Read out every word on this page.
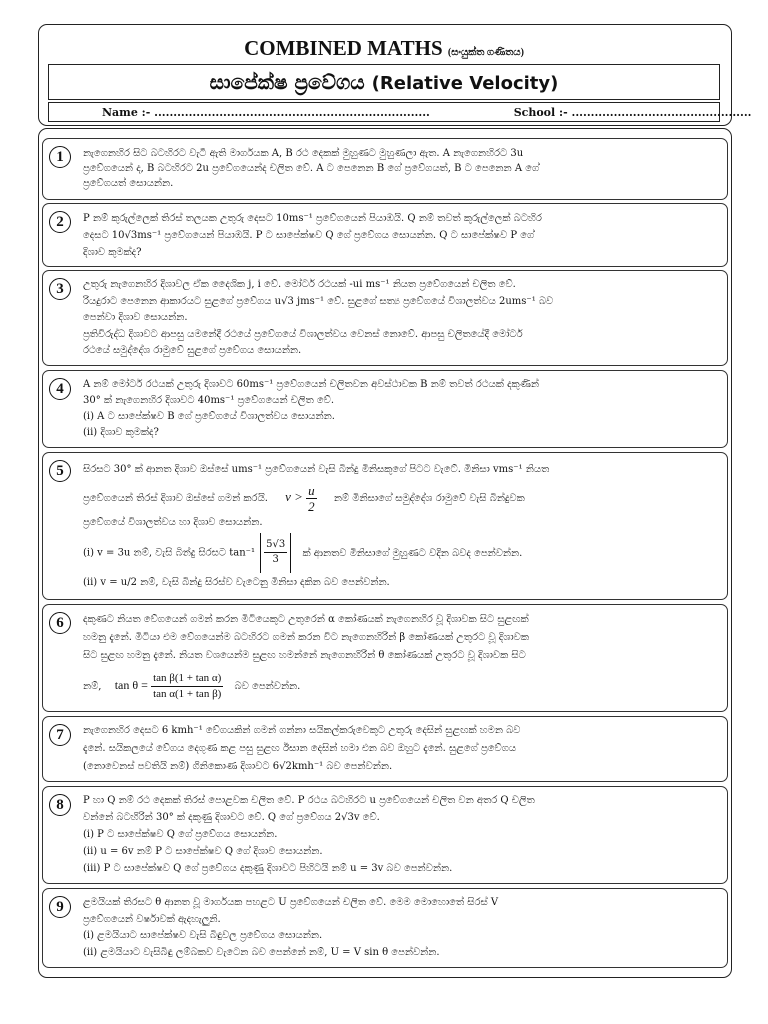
COMBINED MATHS (සංයුක්ත ගණිතය)
සාපේක්ෂ ප්‍රවේගය (Relative Velocity)
Name :- ........................................................................	School :- ...............................................
1	නැගෙනහිර සිට බටහිරට වැටී ඇති මාර්ගයක A, B රථ දෙකක් මුහුණට මුහුණලා ඇත. A නැගෙනහිරට 3u
ප්‍රවේගයෙන් ද, B බටහිරට 2u ප්‍රවේගයෙන්ද චලිත වේ. A ට පෙනෙන B ගේ ප්‍රවේගයත්, B ට පෙනෙන A ගේ
ප්‍රවේගයත් සොයන්න.
2	P නම් කුරුල්ලෙක් තිරස් තලයක උතුරු දෙසට 10ms⁻¹ ප්‍රවේගයෙන් පියාඹයි. Q නම් තවත් කුරුල්ලෙක් බටහිර
දෙසට 10√3ms⁻¹ ප්‍රවේගයෙන් පියාඹයි. P ට සාපේක්ෂව Q ගේ ප්‍රවේගය සොයන්න. Q ට සාපේක්ෂව P ගේ
දිශාව කුමක්ද?
3	උතුරු නැගෙනහිර දිශාවල ඒක දෛශික j, i වේ. මෝටර් රථයක් -ui ms⁻¹ නියත ප්‍රවේගයෙන් චලිත වේ.
රියදුරාට පෙනෙන ආකාරයට සුළගේ ප්‍රවේගය u√3 jms⁻¹ වේ. සුළගේ සත්‍ය ප්‍රවේගයේ විශාලත්වය 2ums⁻¹ බව
පෙන්වා දිශාව සොයන්න.
ප්‍රතිවිරුද්ධ දිශාවට ආපසු යමනේදී රථයේ ප්‍රවේගයේ විශාලත්වය වෙනස් නොවේ. ආපසු චලිතයේදී මෝටර්
රථයේ සමුද්දේශ රාමුවේ සුළගේ ප්‍රවේගය සොයන්න.
4	A නම් මෝටර් රථයක් උතුරු දිශාවට 60ms⁻¹ ප්‍රවේගයෙන් චලිතවන අවස්ථාවක B නම් තවත් රථයක් දකුණින්
30° ක් නැගෙනහිර දිශාවට 40ms⁻¹ ප්‍රවේගයෙන් චලිත වේ.
(i) A ට සාපේක්ෂව B ගේ ප්‍රවේගයේ විශාලත්වය සොයන්න.
(ii) දිශාව කුමක්ද?
5	සිරසට 30° ක් ආනත දිශාව ඔස්සේ ums⁻¹ ප්‍රවේගයෙන් වැසි බින්දු මිනිසකුගේ පිටට වැටේ. මිනිසා vms⁻¹ නියත
ප්‍රවේගයෙන් තිරස් දිශාව ඔස්සේ ගමන් කරයි. $v > \frac{u}{2}$ නම් මිනිසාගේ සමුද්දේශ රාමුවේ වැසි බින්දුවක
ප්‍රවේගයේ විශාලත්වය හා දිශාව සොයන්න.
(i) v = 3u නම්, වැසි බින්දු සිරසට $\tan^{-1} \frac{5√3}{3}$ ක් ආනතව මිනිසාගේ මුහුණට වදින බවද පෙන්වන්න.
(ii) v = u/2 නම්, වැසි බින්දු සිරස්ව වැටෙනු මිනිසා දකින බව පෙන්වන්න.
6	දකුණට නියත වේගයෙන් ගමන් කරන මිටියෙකුට උතුරෙන් α කෝණයක් නැගෙනහිර වූ දිශාවක සිට සුළඟක්
හමනු දැනේ. මිටියා එම වේගයෙන්ම බටහිරට ගමන් කරන විට නැගෙනහිරින් β කෝණයක් උතුරට වූ දිශාවක
සිට සුළඟ හමනු දැනේ. නියත වශයෙන්ම සුළඟ හමන්නේ නැගෙනහිරින් θ කෝණයක් උතුරට වූ දිශාවක සිට
නම්, $\tan \theta = \frac{\text{tan β(1 + tan α)}}{\text{tan α(1 + tan β)}}$ බව පෙන්වන්න.
7	නැගෙනහිර දෙසට 6 kmh⁻¹ වේගයකින් ගමන් ගන්නා සයිකල්කරුවෙකුට උතුරු දෙසින් සුළඟක් හමන බව
දැනේ. සයිකලයේ වේගය දෙගුණ කළ පසු සුළඟ ඊසාන දෙසින් හමා එන බව ඔහුට දැනේ. සුළගේ ප්‍රවේගය
(නොවෙනස් පවතියි නම්) ගිනිකොණ දිශාවට 6√2kmh⁻¹ බව පෙන්වන්න.
8	P හා Q නම් රථ දෙකක් තිරස් පොළවක චලිත වේ. P රථය බටහිරට u ප්‍රවේගයෙන් චලිත වන අතර Q චලිත
වන්නේ බටහිරින් 30° ක් දකුණු දිශාවට වේ. Q ගේ ප්‍රවේගය 2√3v වේ.
(i) P ට සාපේක්ෂව Q ගේ ප්‍රවේගය සොයන්න.
(ii) u = 6v නම් P ට සාපේක්ෂව Q ගේ දිශාව සොයන්න.
(iii) P ට සාපේක්ෂව Q ගේ ප්‍රවේගය දකුණු දිශාවට පිහිටයි නම් u = 3v බව පෙන්වන්න.
9	ළමයියක් තිරසට θ ආනත වූ මාර්ගයක පහළට U ප්‍රවේගයෙන් චලිත වේ. මෙම මොහොතේ සිරස් V
ප්‍රවේගයෙන් වර්ෂාවක් ඇදහැලුනි.
(i) ළමයියාට සාපේක්ෂව වැසි බිඳුවල ප්‍රවේගය සොයන්න.
(ii) ළමයියාට වැසිබිඳු ලම්බකව වැටෙන බව පෙන්නේ නම්, U = V sin θ පෙන්වන්න.
